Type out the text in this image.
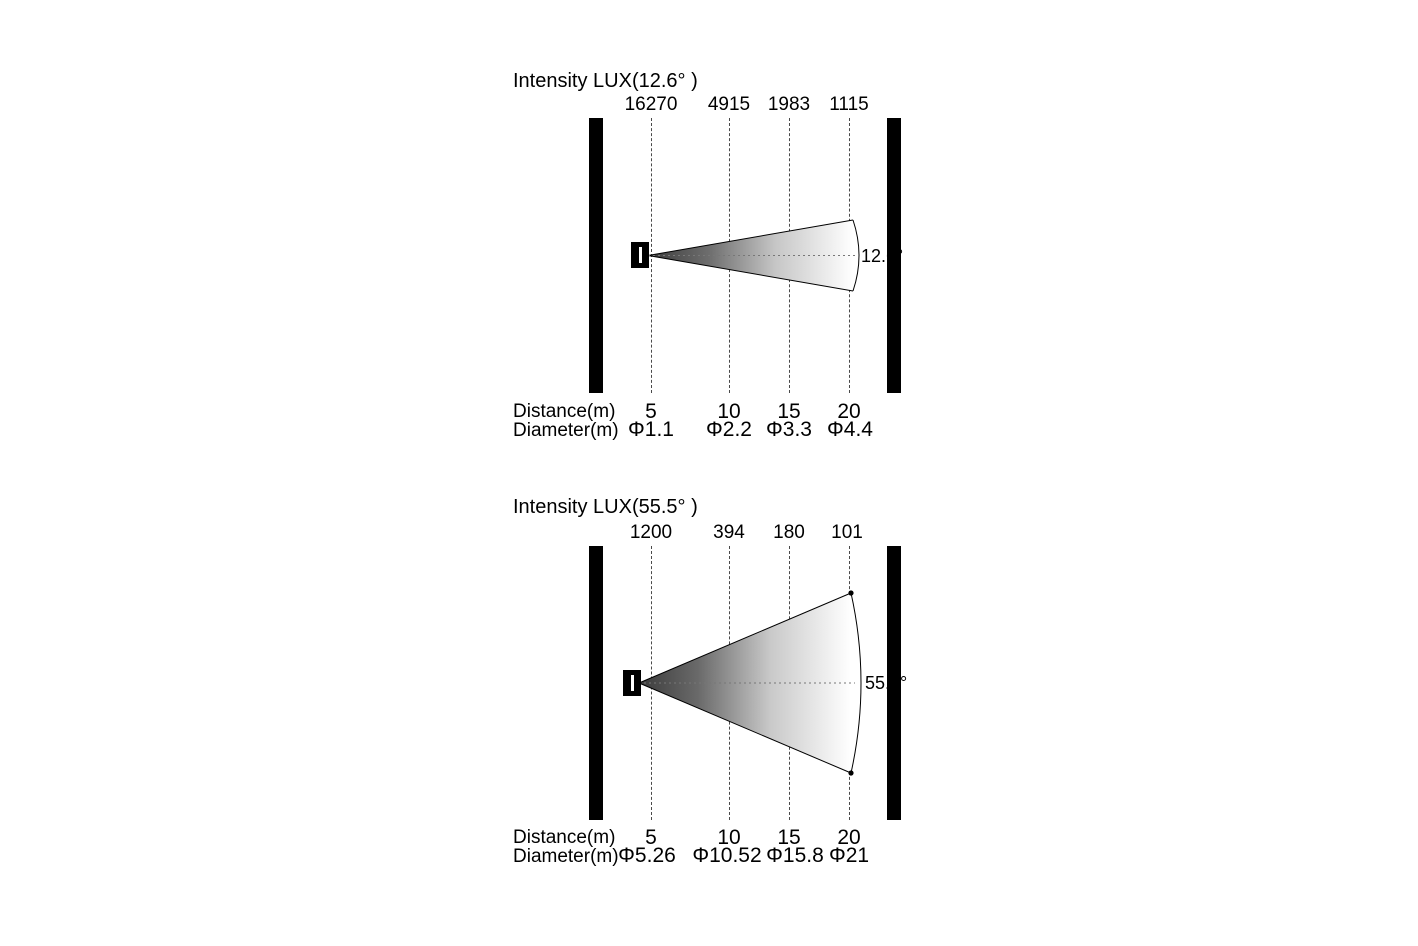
Intensity LUX(12.6° )
16270 4915 1983 1115
12.6°
Distance(m) 5	10 15 20
Diameter(m) Φ1.1 Φ2.2 Φ3.3 Φ4.4
Intensity LUX(55.5° )
1200 394 180 101
55.5°
Distance(m) 5	10 15 20
Diameter(m) Φ5.26 Φ10.52 Φ15.8 Φ21
